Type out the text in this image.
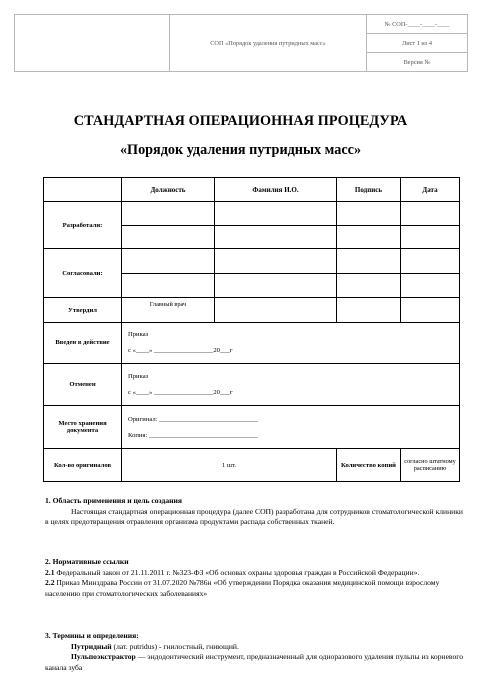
	СОП «Порядок удаления путридных масс»	№ СОП-____-____-____
Лист 1 из 4
Версия №
СТАНДАРТНАЯ ОПЕРАЦИОННАЯ ПРОЦЕДУРА
«Порядок удаления путридных масс»
	Должность	Фамилия И.О.	Подпись	Дата
Разработали:				

Согласовали:				

Утвердил	Главный врач			
Введен в действие	Приказ
с «____» __________________20___г			

Отменен	Приказ
с «____» __________________20___г			

Место хранения документа	Оригинал: ______________________________
Копия: _________________________________			

Кол-во оригиналов	1 шт.		Количество копий	согласно штатному расписанию

1. Область применения и цель создания

Настоящая стандартная операционная процедура (далее СОП) разработана для сотрудников стоматологической клиники в целях предотвращения отравления организма продуктами распада собственных тканей.

2. Нормативные ссылки

2.1 Федеральный закон от 21.11.2011 г. №323-ФЗ «Об основах охраны здоровья граждан в Российской Федерации».

2.2 Приказ Минздрава России от 31.07.2020 №786н «Об утверждении Порядка оказания медицинской помощи взрослому населению при стоматологических заболеваниях»

3. Термины и определения:

Путридный (лат. putridus) - гнилостный, гниющий.

Пульпоэкстрактор — эндодонтический инструмент, предназначенный для одноразового удаления пульпы из корневого канала зуба
